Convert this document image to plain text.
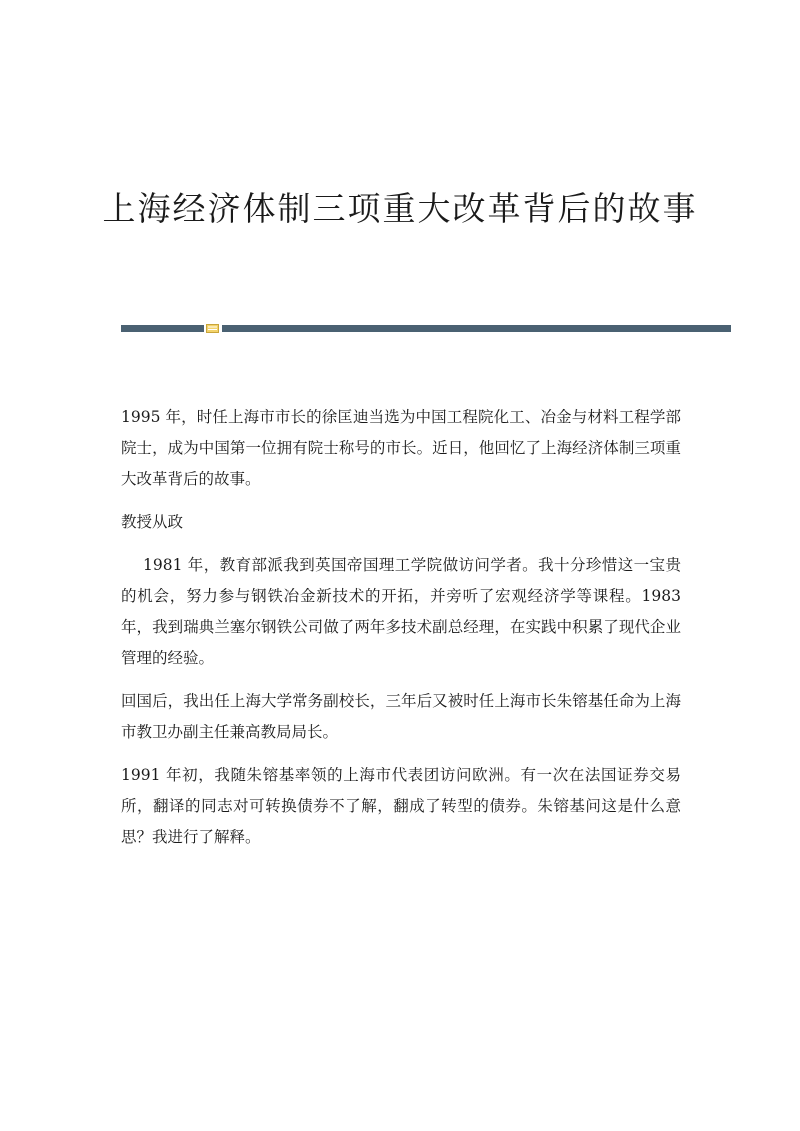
上海经济体制三项重大改革背后的故事

1995 年，时任上海市市长的徐匡迪当选为中国工程院化工、冶金与材料工程学部院士，成为中国第一位拥有院士称号的市长。近日，他回忆了上海经济体制三项重大改革背后的故事。

教授从政

1981 年，教育部派我到英国帝国理工学院做访问学者。我十分珍惜这一宝贵的机会，努力参与钢铁冶金新技术的开拓，并旁听了宏观经济学等课程。1983 年，我到瑞典兰塞尔钢铁公司做了两年多技术副总经理，在实践中积累了现代企业管理的经验。

回国后，我出任上海大学常务副校长，三年后又被时任上海市长朱镕基任命为上海市教卫办副主任兼高教局局长。

1991 年初，我随朱镕基率领的上海市代表团访问欧洲。有一次在法国证券交易所，翻译的同志对可转换债券不了解，翻成了转型的债券。朱镕基问这是什么意思？我进行了解释。
